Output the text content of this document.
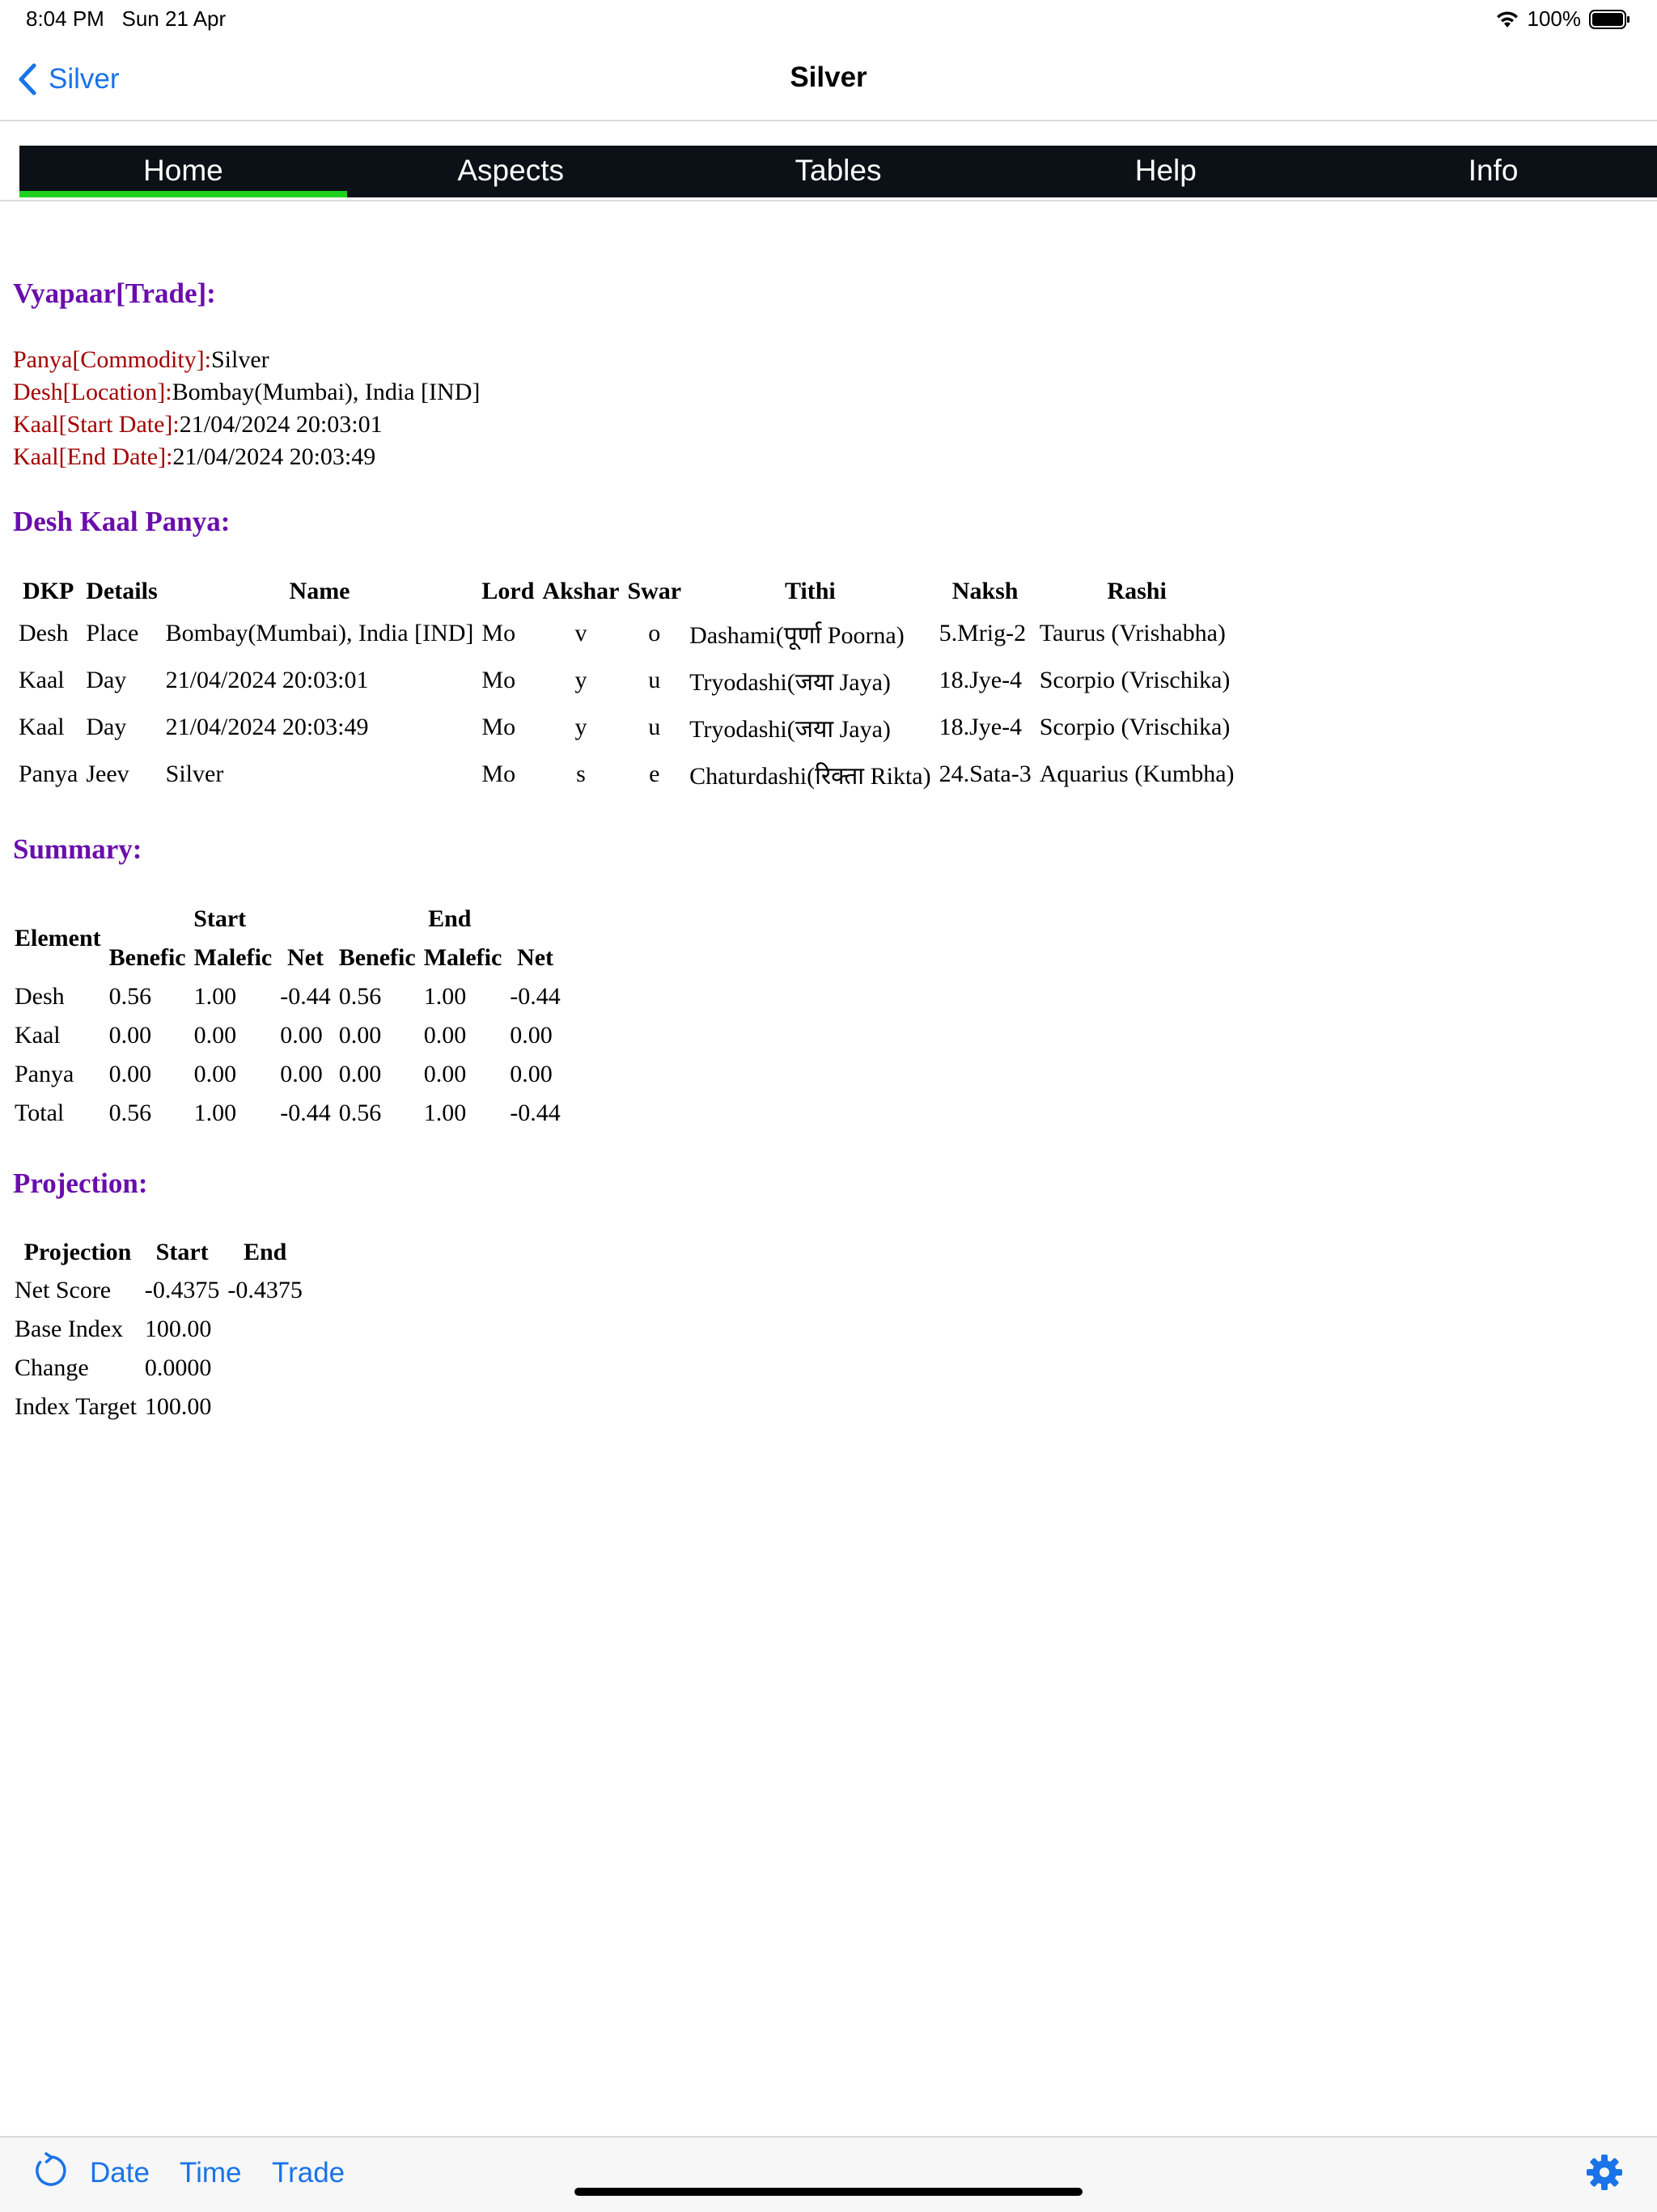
8:04 PM Sun 21 Apr	100%
Silver	Silver
Home	Aspects	Tables	Help	Info
Vyapaar[Trade]:
Panya[Commodity]:Silver
Desh[Location]:Bombay(Mumbai), India [IND]
Kaal[Start Date]:21/04/2024 20:03:01
Kaal[End Date]:21/04/2024 20:03:49
Desh Kaal Panya:
DKP	Details	Name	Lord	Akshar	Swar	Tithi	Naksh	Rashi
Desh	Place	Bombay(Mumbai), India [IND]	Mo	v	o	Dashami(पूर्णा Poorna)	5.Mrig-2	Taurus (Vrishabha)
Kaal	Day	21/04/2024 20:03:01	Mo	y	u	Tryodashi(जया Jaya)	18.Jye-4	Scorpio (Vrischika)
Kaal	Day	21/04/2024 20:03:49	Mo	y	u	Tryodashi(जया Jaya)	18.Jye-4	Scorpio (Vrischika)
Panya	Jeev	Silver	Mo	s	e	Chaturdashi(रिक्ता Rikta)	24.Sata-3	Aquarius (Kumbha)
Summary:
Element	Start			End		
	Benefic	Malefic	Net	Benefic	Malefic	Net
Desh	0.56	1.00	-0.44	0.56	1.00	-0.44
Kaal	0.00	0.00	0.00	0.00	0.00	0.00
Panya	0.00	0.00	0.00	0.00	0.00	0.00
Total	0.56	1.00	-0.44	0.56	1.00	-0.44
Projection:
Projection	Start	End
Net Score	-0.4375	-0.4375
Base Index	100.00	
Change	0.0000	
Index Target	100.00	
Date Time Trade
